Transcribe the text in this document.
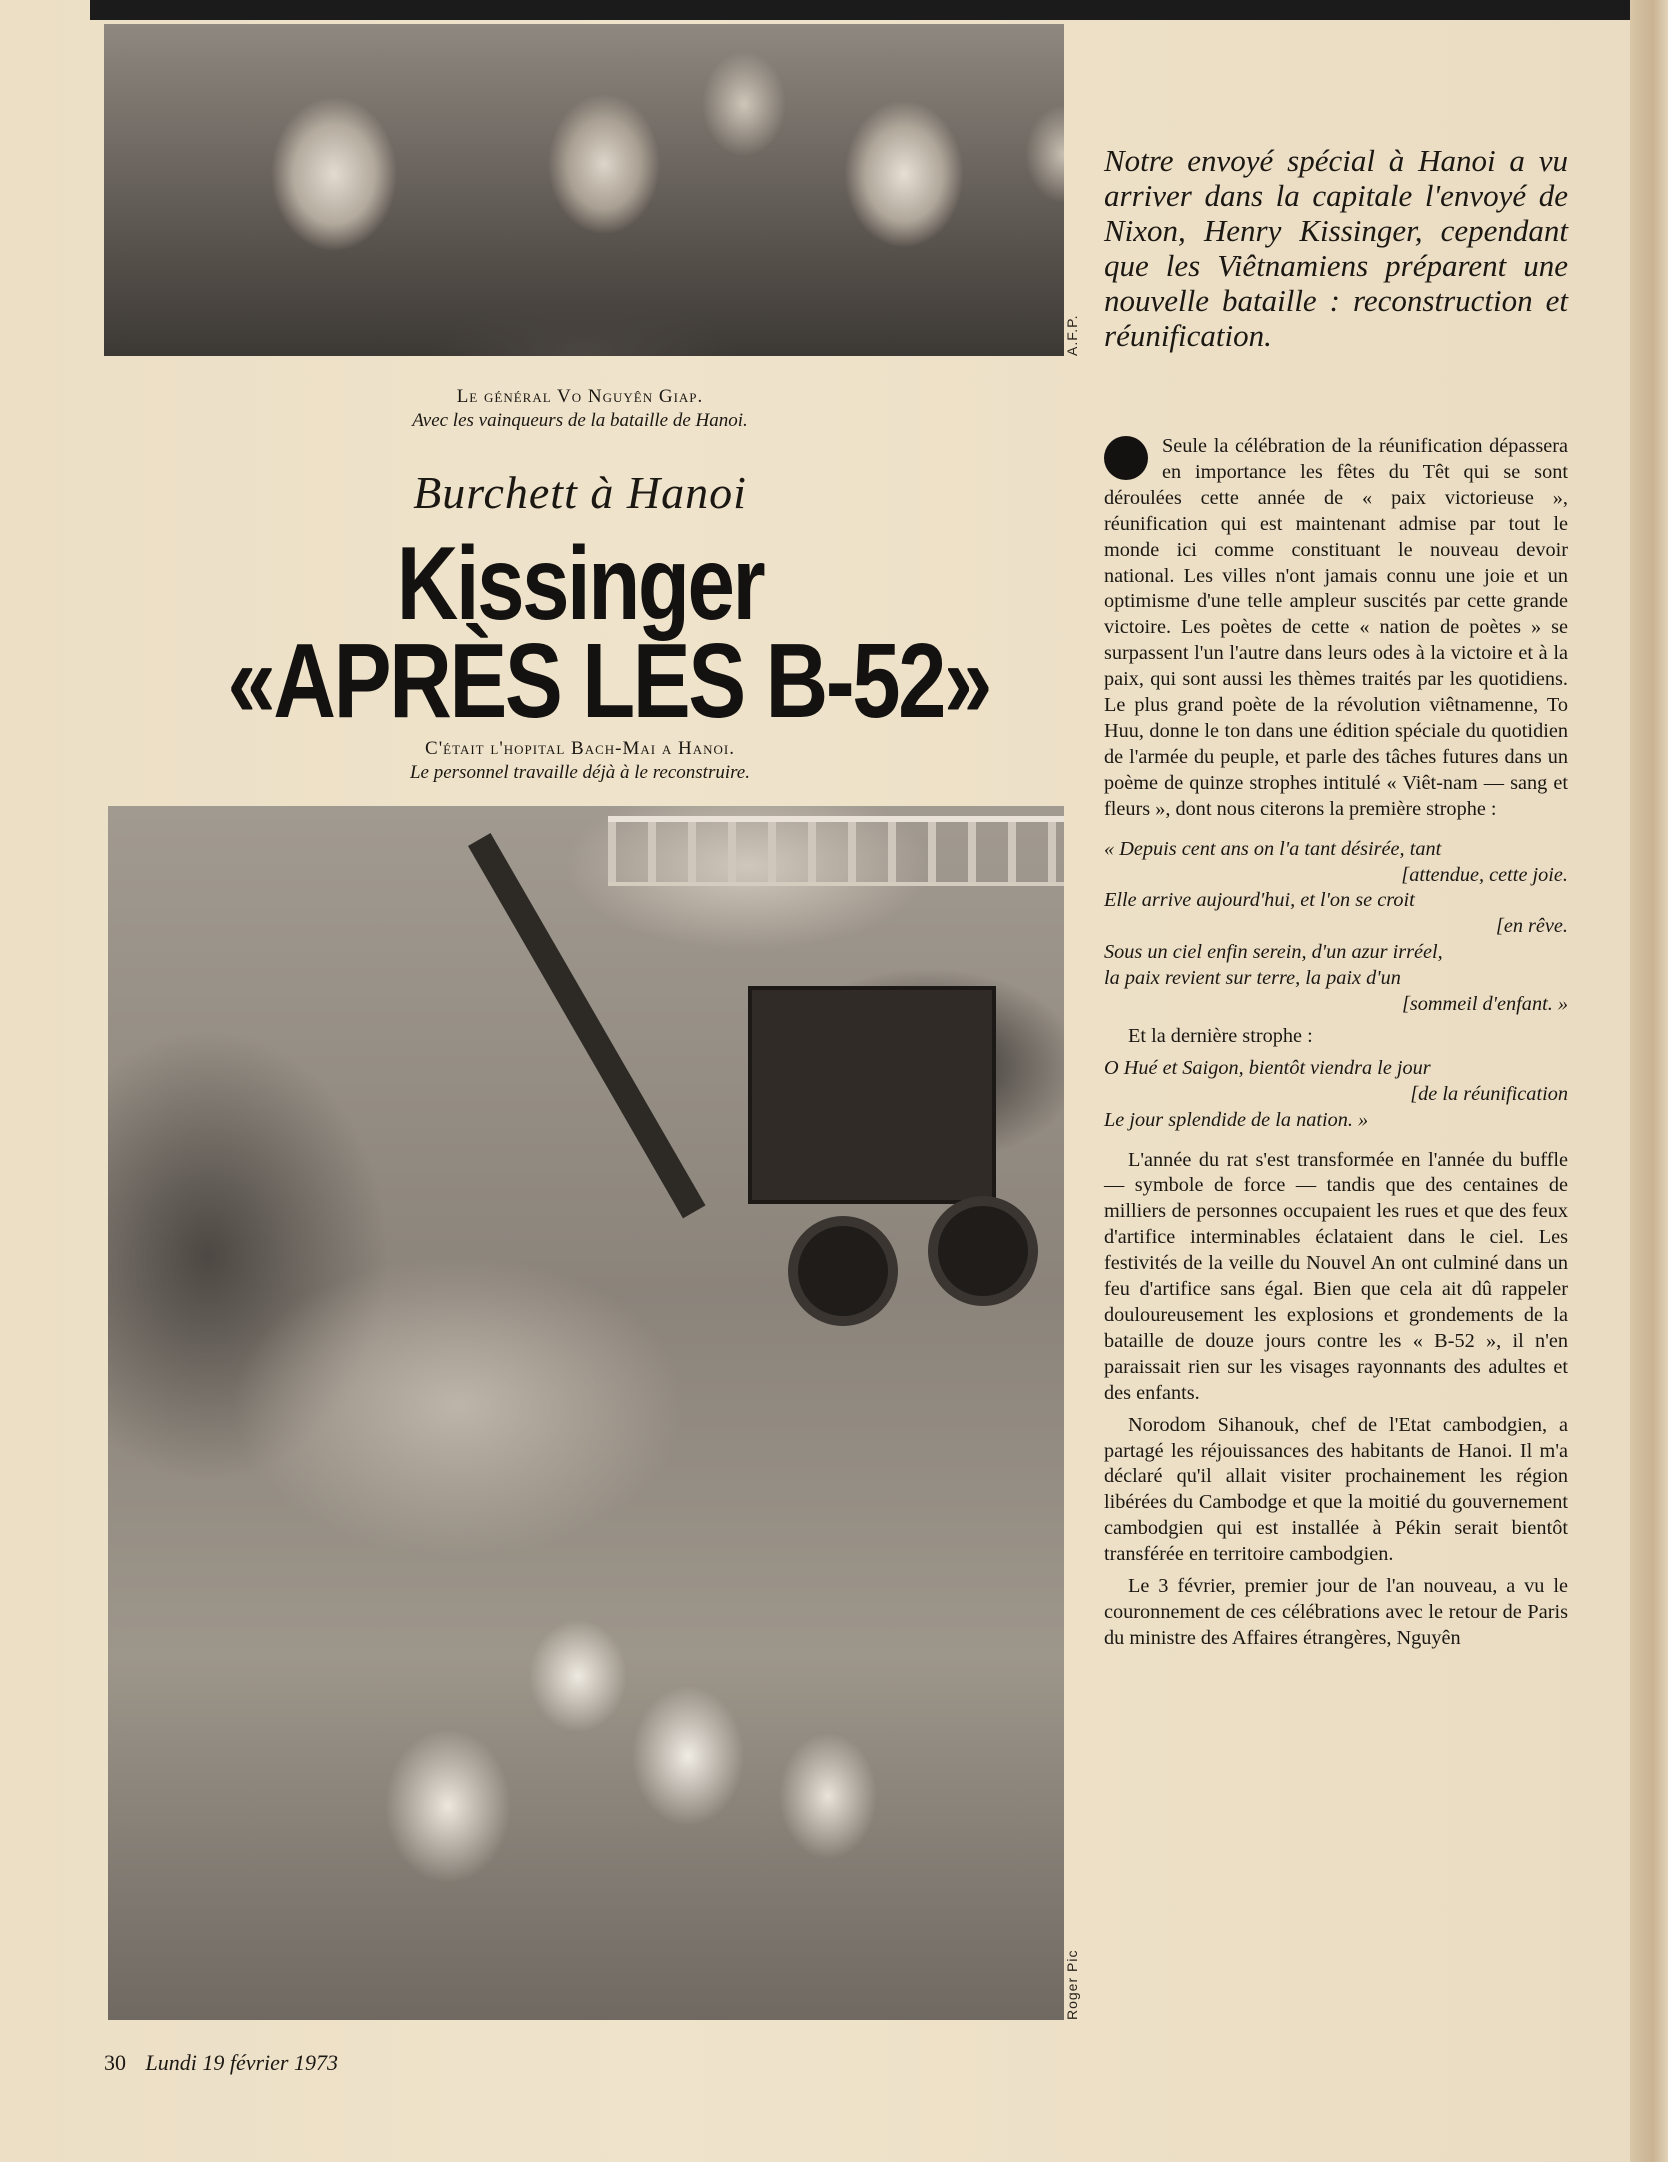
A.F.P.
Le général Vo Nguyên Giap.
Avec les vainqueurs de la bataille de Hanoi.
Burchett à Hanoi
Kissinger
«APRÈS LES B-52»
C'était l'hopital Bach-Mai a Hanoi.
Le personnel travaille déjà à le reconstruire.
Roger Pic
Notre envoyé spécial à Hanoi a vu arriver dans la capitale l'envoyé de Nixon, Henry Kissinger, cependant que les Viêtnamiens préparent une nouvelle bataille : reconstruction et réunification.

Seule la célébration de la réunification dépassera en importance les fêtes du Têt qui se sont déroulées cette année de « paix victorieuse », réunification qui est maintenant admise par tout le monde ici comme constituant le nouveau devoir national. Les villes n'ont jamais connu une joie et un optimisme d'une telle ampleur suscités par cette grande victoire. Les poètes de cette « nation de poètes » se surpassent l'un l'autre dans leurs odes à la victoire et à la paix, qui sont aussi les thèmes traités par les quotidiens. Le plus grand poète de la révolution viêtnamenne, To Huu, donne le ton dans une édition spéciale du quotidien de l'armée du peuple, et parle des tâches futures dans un poème de quinze strophes intitulé « Viêt-nam — sang et fleurs », dont nous citerons la première strophe :

« Depuis cent ans on l'a tant désirée, tant
[attendue, cette joie.
Elle arrive aujourd'hui, et l'on se croit
[en rêve.
Sous un ciel enfin serein, d'un azur irréel,
la paix revient sur terre, la paix d'un
[sommeil d'enfant. »

Et la dernière strophe :

O Hué et Saigon, bientôt viendra le jour
[de la réunification
Le jour splendide de la nation. »

L'année du rat s'est transformée en l'année du buffle — symbole de force — tandis que des centaines de milliers de personnes occupaient les rues et que des feux d'artifice interminables éclataient dans le ciel. Les festivités de la veille du Nouvel An ont culminé dans un feu d'artifice sans égal. Bien que cela ait dû rappeler douloureusement les explosions et grondements de la bataille de douze jours contre les « B-52 », il n'en paraissait rien sur les visages rayonnants des adultes et des enfants.

Norodom Sihanouk, chef de l'Etat cambodgien, a partagé les réjouissances des habitants de Hanoi. Il m'a déclaré qu'il allait visiter prochainement les région libérées du Cambodge et que la moitié du gouvernement cambodgien qui est installée à Pékin serait bientôt transférée en territoire cambodgien.

Le 3 février, premier jour de l'an nouveau, a vu le couronnement de ces célébrations avec le retour de Paris du ministre des Affaires étrangères, Nguyên

30 Lundi 19 février 1973
